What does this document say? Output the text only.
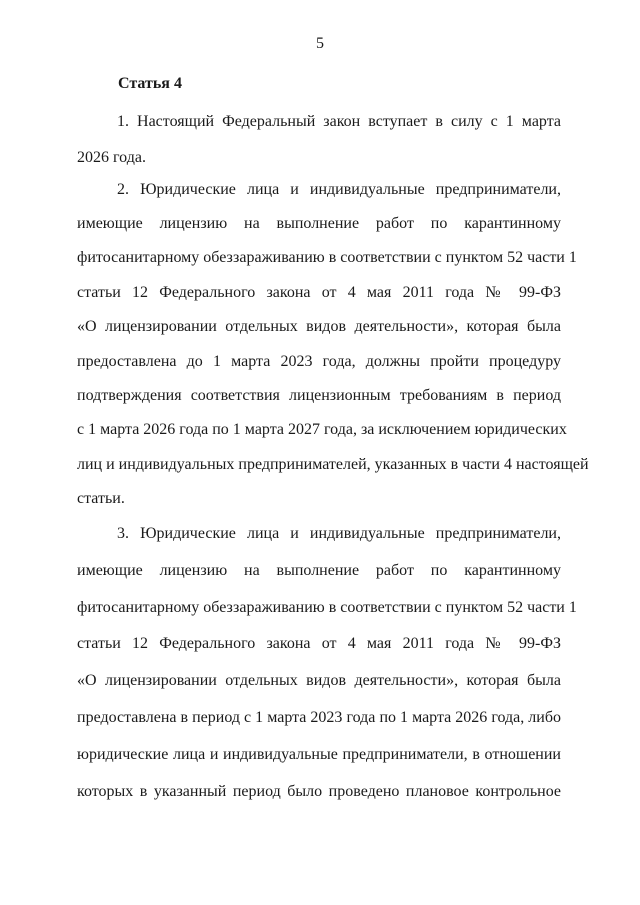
5
Статья 4
1. Настоящий Федеральный закон вступает в силу с 1 марта
2026 года.
2. Юридические лица и индивидуальные предприниматели,
имеющие лицензию на выполнение работ по карантинному
фитосанитарному обеззараживанию в соответствии с пунктом 52 части 1
статьи 12 Федерального закона от 4 мая 2011 года № 99-ФЗ
«О лицензировании отдельных видов деятельности», которая была
предоставлена до 1 марта 2023 года, должны пройти процедуру
подтверждения соответствия лицензионным требованиям в период
с 1 марта 2026 года по 1 марта 2027 года, за исключением юридических
лиц и индивидуальных предпринимателей, указанных в части 4 настоящей
статьи.
3. Юридические лица и индивидуальные предприниматели,
имеющие лицензию на выполнение работ по карантинному
фитосанитарному обеззараживанию в соответствии с пунктом 52 части 1
статьи 12 Федерального закона от 4 мая 2011 года № 99-ФЗ
«О лицензировании отдельных видов деятельности», которая была
предоставлена в период с 1 марта 2023 года по 1 марта 2026 года, либо
юридические лица и индивидуальные предприниматели, в отношении
которых в указанный период было проведено плановое контрольное
